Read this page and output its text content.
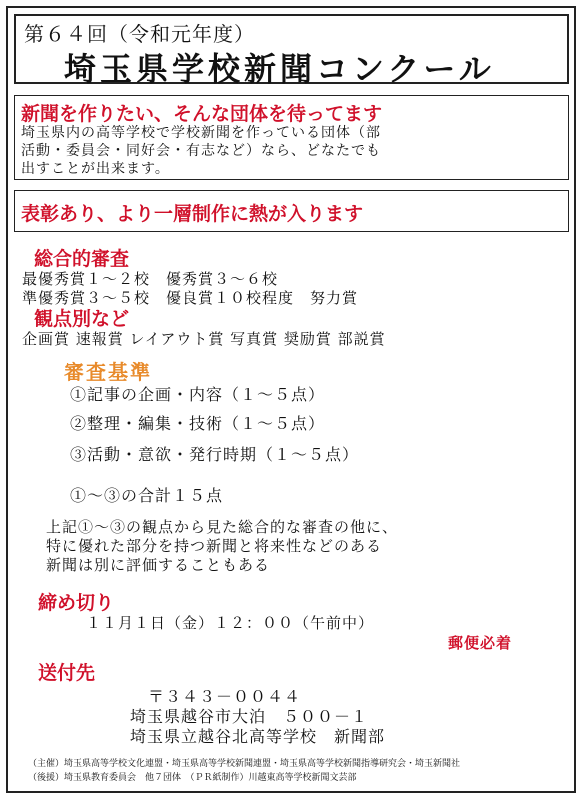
第６４回（令和元年度）
埼玉県学校新聞コンクール
新聞を作りたい、そんな団体を待ってます
埼玉県内の高等学校で学校新聞を作っている団体（部
活動・委員会・同好会・有志など）なら、どなたでも
出すことが出来ます。
表彰あり、より一層制作に熱が入ります
総合的審査
最優秀賞１～２校　優秀賞３～６校
準優秀賞３～５校　優良賞１０校程度　努力賞
観点別など
企画賞 速報賞 レイアウト賞 写真賞 奨励賞 部説賞
審査基準
①記事の企画・内容（１～５点）
②整理・編集・技術（１～５点）
③活動・意欲・発行時期（１～５点）
①～③の合計１５点
上記①～③の観点から見た総合的な審査の他に、
特に優れた部分を持つ新聞と将来性などのある
新聞は別に評価することもある
締め切り
１１月１日（金）１２：００（午前中）
郵便必着
送付先
〒３４３－００４４
埼玉県越谷市大泊　５００－１
埼玉県立越谷北高等学校　新聞部
（主催）埼玉県高等学校文化連盟・埼玉県高等学校新聞連盟・埼玉県高等学校新聞指導研究会・埼玉新聞社
（後援）埼玉県教育委員会　他７団体　（ＰＲ紙制作）川越東高等学校新聞文芸部
